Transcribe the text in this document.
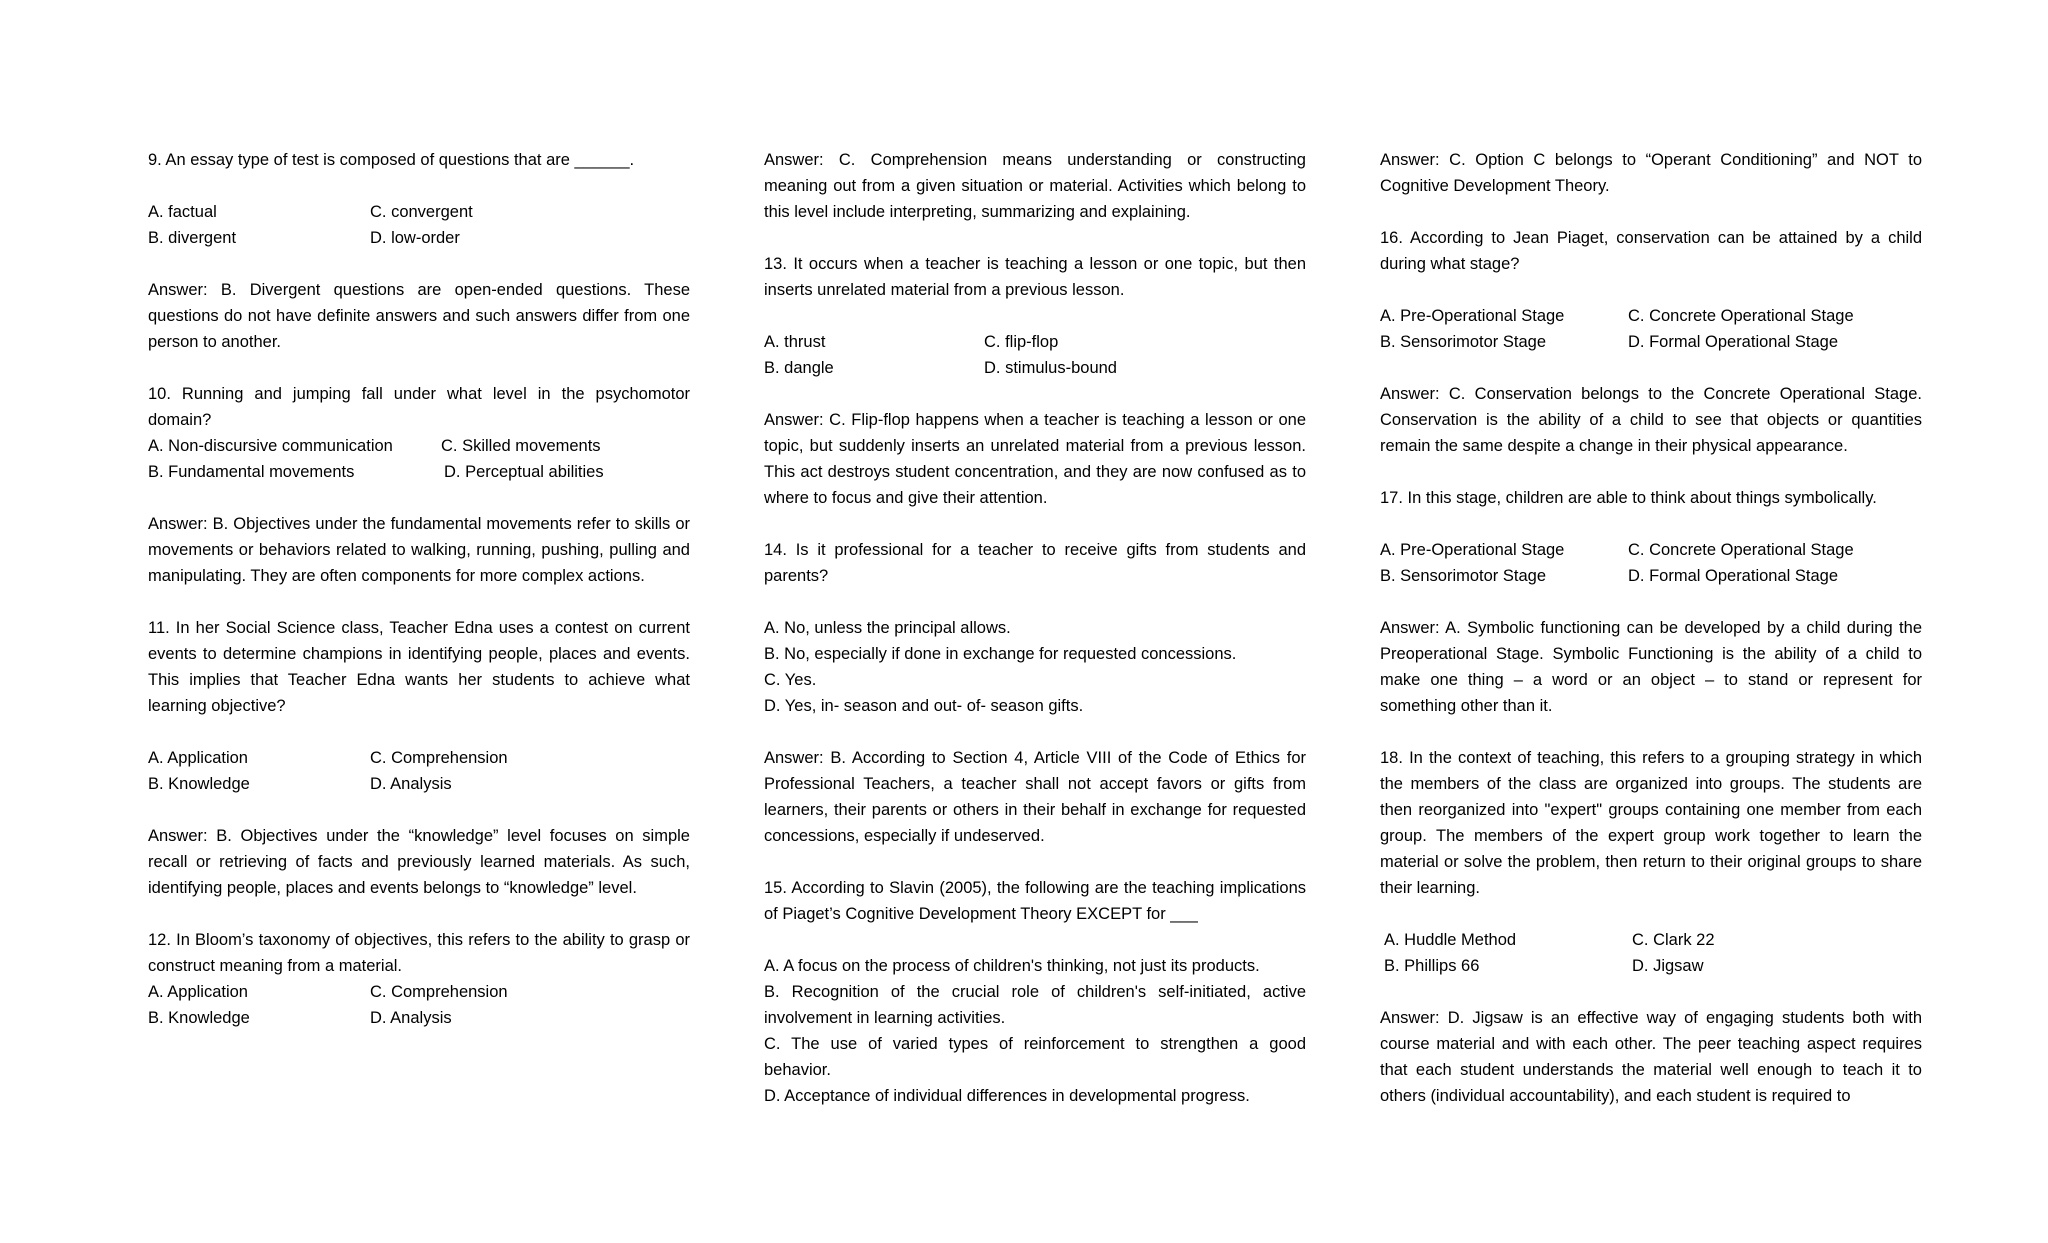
9. An essay type of test is composed of questions that are ______.

A. factual	C. convergent
B. divergent	D. low-order

Answer: B. Divergent questions are open-ended questions. These questions do not have definite answers and such answers differ from one person to another.

10. Running and jumping fall under what level in the psychomotor domain?

A. Non-discursive communication	C. Skilled movements
B. Fundamental movements	D. Perceptual abilities

Answer: B. Objectives under the fundamental movements refer to skills or movements or behaviors related to walking, running, pushing, pulling and manipulating. They are often components for more complex actions.

11. In her Social Science class, Teacher Edna uses a contest on current events to determine champions in identifying people, places and events. This implies that Teacher Edna wants her students to achieve what learning objective?

A. Application	C. Comprehension
B. Knowledge	D. Analysis

Answer: B. Objectives under the “knowledge” level focuses on simple recall or retrieving of facts and previously learned materials. As such, identifying people, places and events belongs to “knowledge” level.

12. In Bloom’s taxonomy of objectives, this refers to the ability to grasp or construct meaning from a material.

A. Application	C. Comprehension
B. Knowledge	D. Analysis

Answer: C. Comprehension means understanding or constructing meaning out from a given situation or material. Activities which belong to this level include interpreting, summarizing and explaining.

13. It occurs when a teacher is teaching a lesson or one topic, but then inserts unrelated material from a previous lesson.

A. thrust	C. flip-flop
B. dangle	D. stimulus-bound

Answer: C. Flip-flop happens when a teacher is teaching a lesson or one topic, but suddenly inserts an unrelated material from a previous lesson. This act destroys student concentration, and they are now confused as to where to focus and give their attention.

14. Is it professional for a teacher to receive gifts from students and parents?

A. No, unless the principal allows.

B. No, especially if done in exchange for requested concessions.

C. Yes.

D. Yes, in- season and out- of- season gifts.

Answer: B. According to Section 4, Article VIII of the Code of Ethics for Professional Teachers, a teacher shall not accept favors or gifts from learners, their parents or others in their behalf in exchange for requested concessions, especially if undeserved.

15. According to Slavin (2005), the following are the teaching implications of Piaget’s Cognitive Development Theory EXCEPT for ___

A. A focus on the process of children's thinking, not just its products.

B. Recognition of the crucial role of children's self-initiated, active involvement in learning activities.

C. The use of varied types of reinforcement to strengthen a good behavior.

D. Acceptance of individual differences in developmental progress.

Answer: C. Option C belongs to “Operant Conditioning” and NOT to Cognitive Development Theory.

16. According to Jean Piaget, conservation can be attained by a child during what stage?

A. Pre-Operational Stage	C. Concrete Operational Stage
B. Sensorimotor Stage	D. Formal Operational Stage

Answer: C. Conservation belongs to the Concrete Operational Stage. Conservation is the ability of a child to see that objects or quantities remain the same despite a change in their physical appearance.

17. In this stage, children are able to think about things symbolically.

A. Pre-Operational Stage	C. Concrete Operational Stage
B. Sensorimotor Stage	D. Formal Operational Stage

Answer: A. Symbolic functioning can be developed by a child during the Preoperational Stage. Symbolic Functioning is the ability of a child to make one thing – a word or an object – to stand or represent for something other than it.

18. In the context of teaching, this refers to a grouping strategy in which the members of the class are organized into groups. The students are then reorganized into "expert" groups containing one member from each group. The members of the expert group work together to learn the material or solve the problem, then return to their original groups to share their learning.

A. Huddle Method	C. Clark 22
B. Phillips 66	D. Jigsaw

Answer: D. Jigsaw is an effective way of engaging students both with course material and with each other. The peer teaching aspect requires that each student understands the material well enough to teach it to others (individual accountability), and each student is required to
